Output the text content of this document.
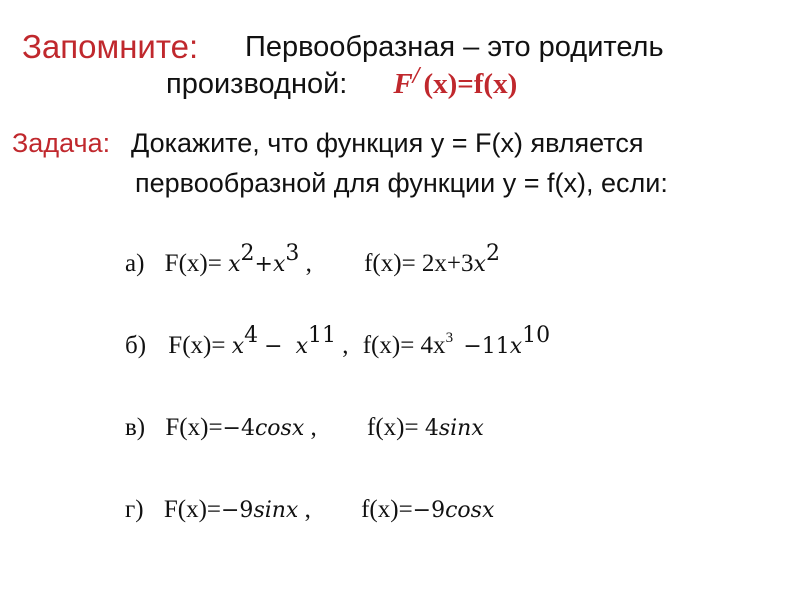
Запомните: Первообразная – это родитель
производной: F/ (x)=f(x)
Задача: Докажите, что функция у = F(x) является
первообразной для функции у = f(x), если:
а) $F(x)= x^2+x^3$ , $f(x)= 2x+3x^2$
б) $F(x)= x^4 - x^{11}$ , $f(x)= 4x^3 -11x^{10}$
в) F(x)=−4cosx , f(x)= 4sinx
г) F(x)=−9sinx , f(x)=−9cosx
